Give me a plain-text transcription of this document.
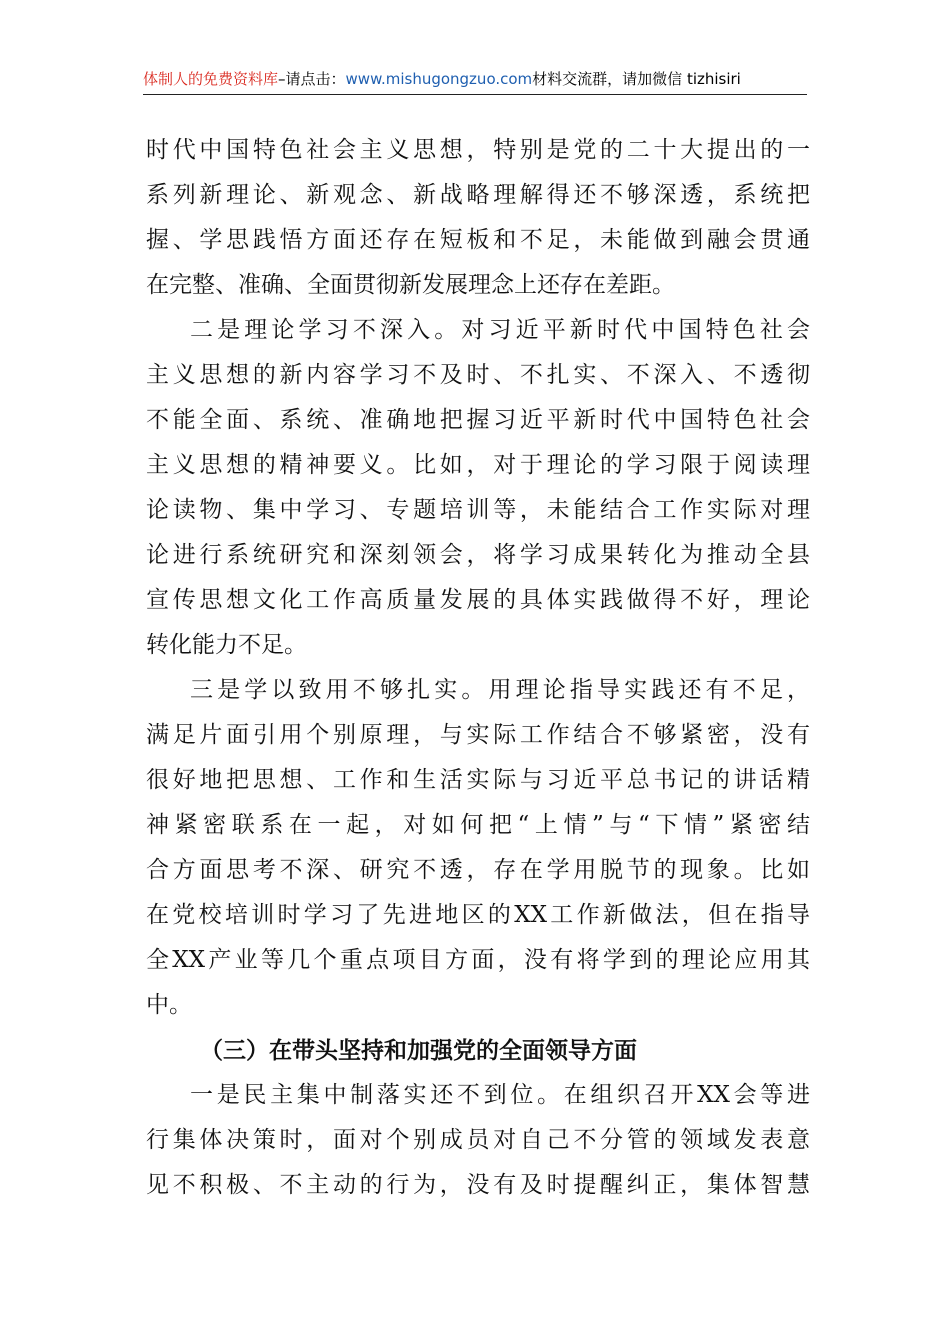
体制人的免费资料库–请点击：www.mishugongzuo.com材料交流群，请加微信 tizhisiri
时代中国特色社会主义思想，特别是党的二十大提出的一
系列新理论、新观念、新战略理解得还不够深透，系统把
握、学思践悟方面还存在短板和不足，未能做到融会贯通
在完整、准确、全面贯彻新发展理念上还存在差距。
二是理论学习不深入。对习近平新时代中国特色社会
主义思想的新内容学习不及时、不扎实、不深入、不透彻
不能全面、系统、准确地把握习近平新时代中国特色社会
主义思想的精神要义。比如，对于理论的学习限于阅读理
论读物、集中学习、专题培训等，未能结合工作实际对理
论进行系统研究和深刻领会，将学习成果转化为推动全县
宣传思想文化工作高质量发展的具体实践做得不好，理论
转化能力不足。
三是学以致用不够扎实。用理论指导实践还有不足，
满足片面引用个别原理，与实际工作结合不够紧密，没有
很好地把思想、工作和生活实际与习近平总书记的讲话精
神紧密联系在一起，对如何把“上情”与“下情”紧密结
合方面思考不深、研究不透，存在学用脱节的现象。比如
在党校培训时学习了先进地区的XX工作新做法，但在指导
全XX产业等几个重点项目方面，没有将学到的理论应用其
中。
（三）在带头坚持和加强党的全面领导方面
一是民主集中制落实还不到位。在组织召开XX会等进
行集体决策时，面对个别成员对自己不分管的领域发表意
见不积极、不主动的行为，没有及时提醒纠正，集体智慧
